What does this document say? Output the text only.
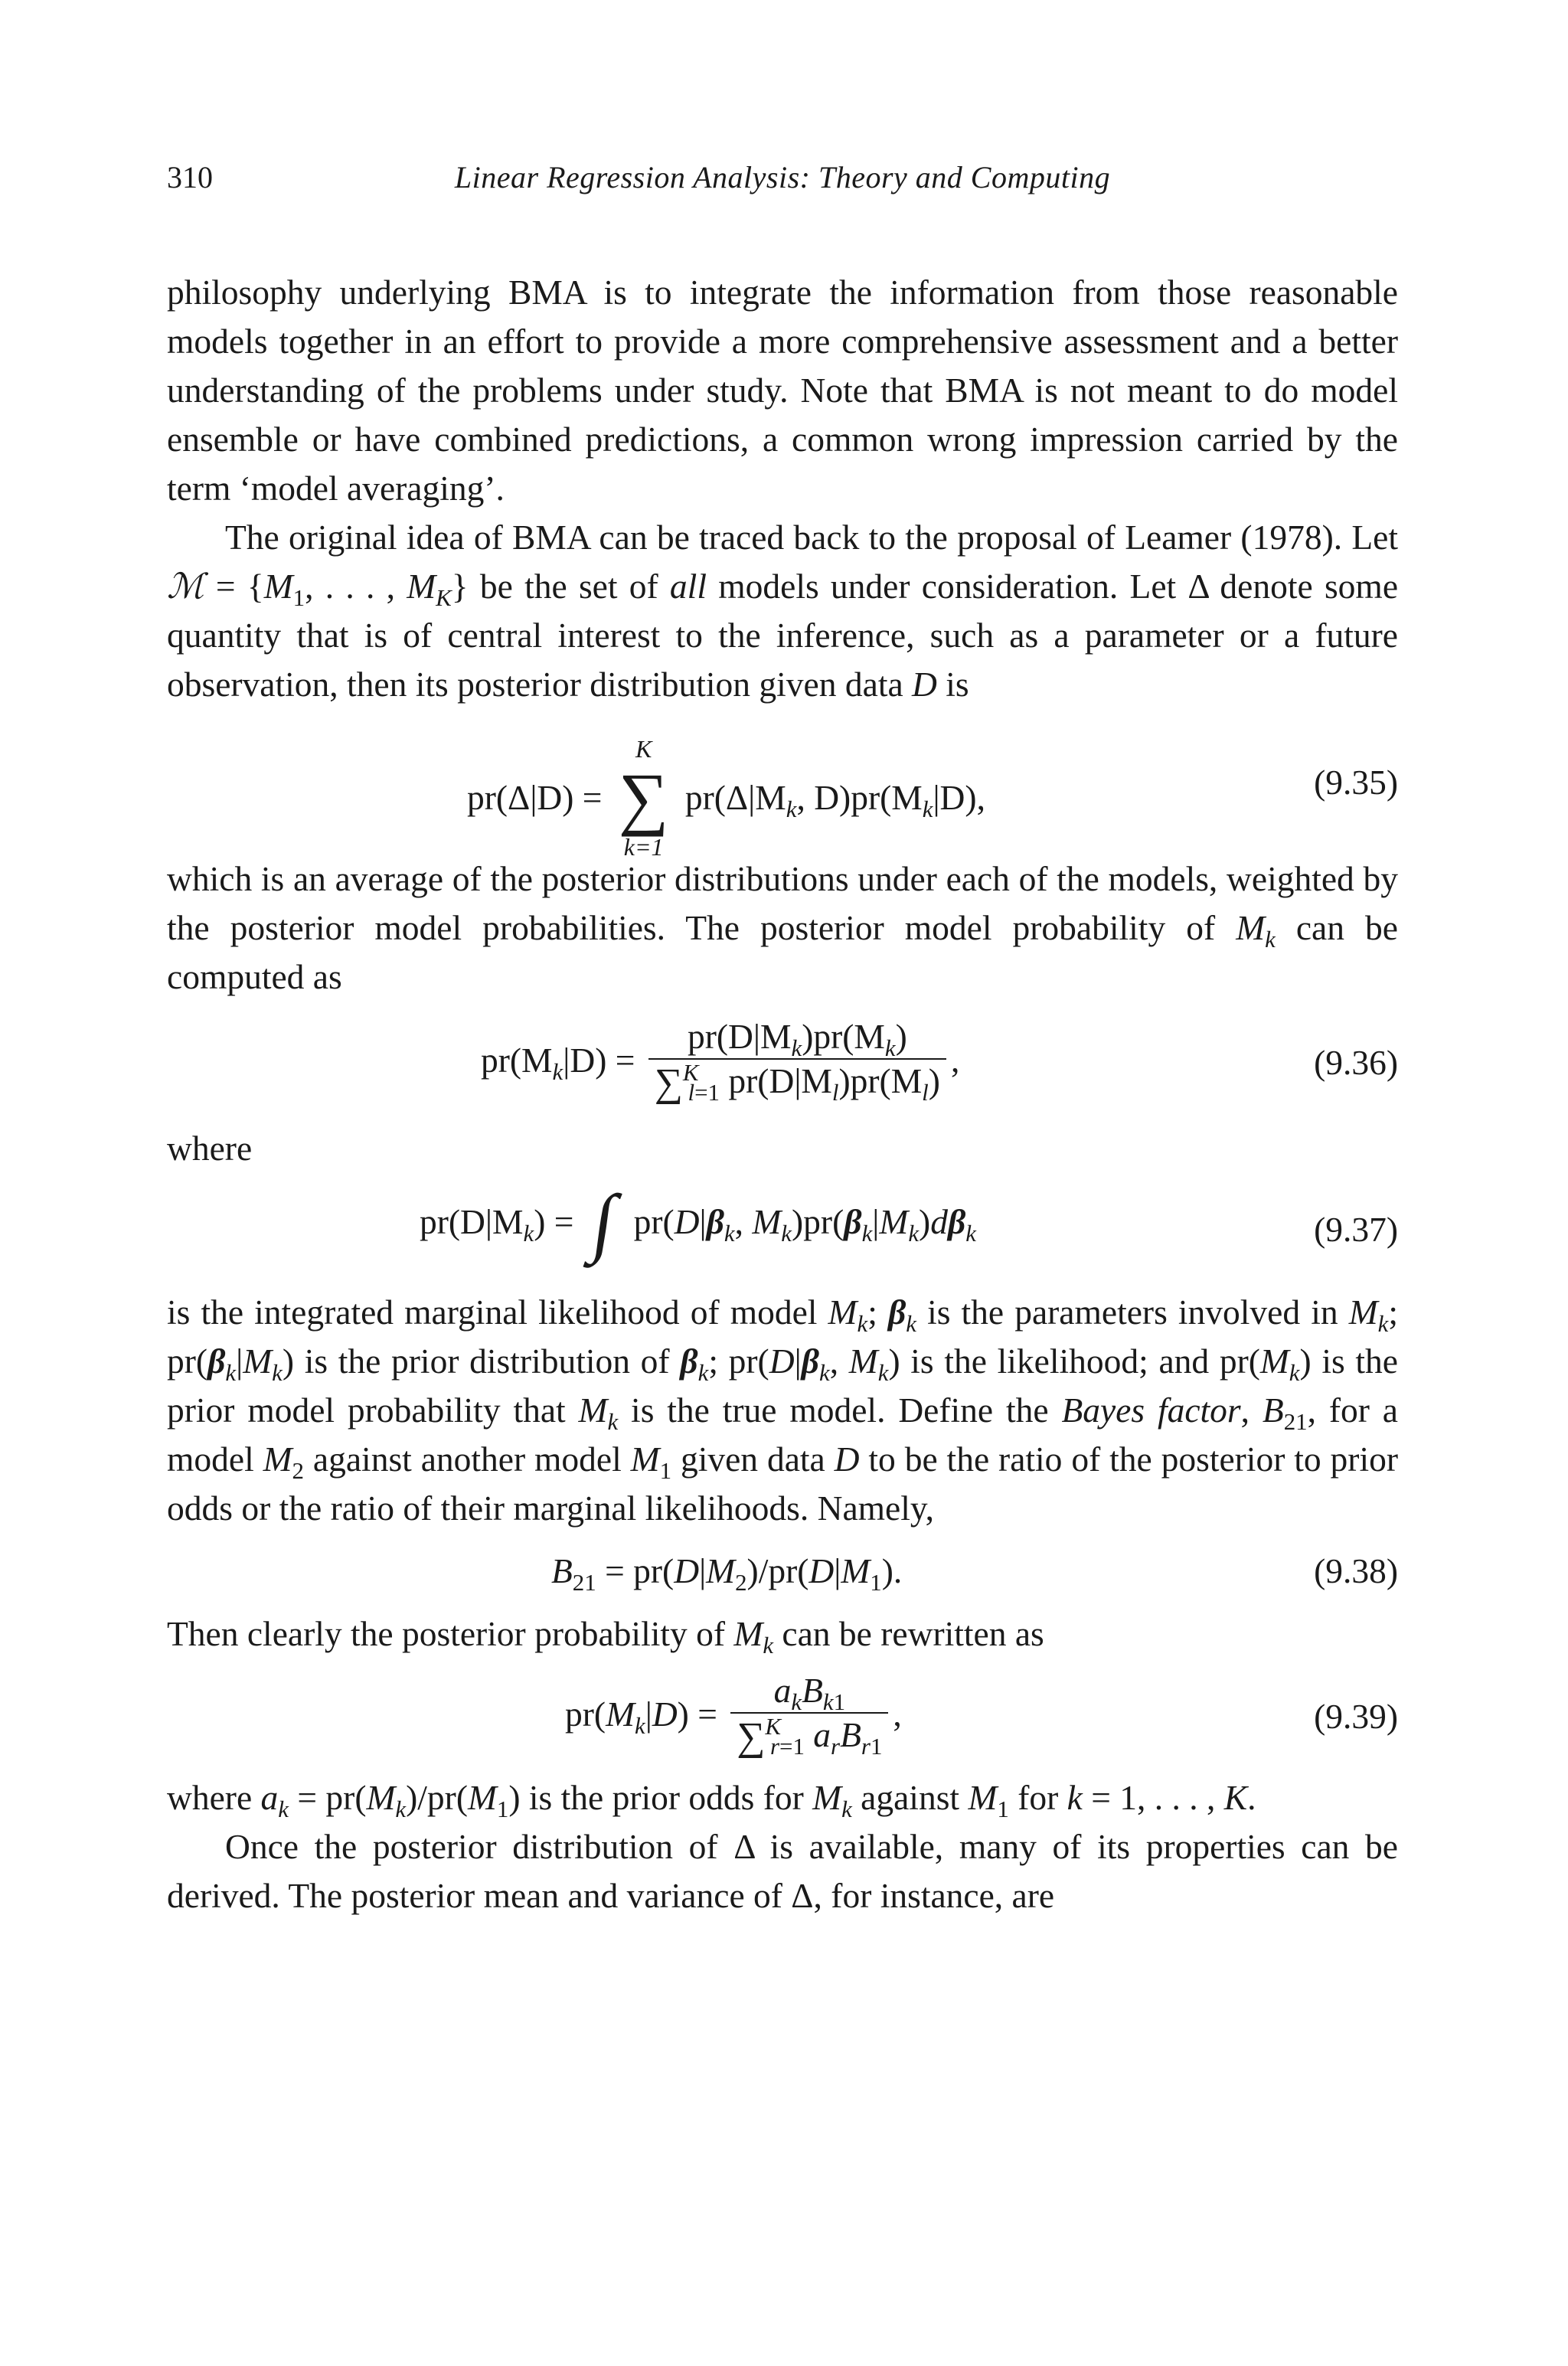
310	Linear Regression Analysis: Theory and Computing

philosophy underlying BMA is to integrate the information from those reasonable models together in an effort to provide a more comprehensive assessment and a better understanding of the problems under study. Note that BMA is not meant to do model ensemble or have combined predictions, a common wrong impression carried by the term ‘model averaging’.

The original idea of BMA can be traced back to the proposal of Leamer (1978). Let ℳ = {$M_1$, . . . , $M_K$} be the set of all models under consideration. Let Δ denote some quantity that is of central interest to the inference, such as a parameter or a future observation, then its posterior distribution given data D is

pr(Δ|D) =
K
∑
k=1
$pr(\Delta|M_k$, $D)pr(M_k|D)$,	(9.35)

which is an average of the posterior distributions under each of the models, weighted by the posterior model probabilities. The posterior model probability of $M_k$ can be computed as

$pr(M_k|D) = \frac{pr(D|M_k)pr(M_k)}{\sum^K_{l=1} pr(D|M_l)pr(M_l)}$ ,	(9.36)

where

$pr(D|M_k)$ = ∫ $pr(D|\beta_k$, $M_k)pr(\beta_k|M_k)d\beta_k$	(9.37)

is the integrated marginal likelihood of model $M_k$; $\beta_k$ is the parameters involved in $M_k$; $pr(\beta_k|M_k)$ is the prior distribution of $\beta_k$; $pr(D|\beta_k$, $M_k$) is the likelihood; and $pr(M_k)$ is the prior model probability that $M_k$ is the true model. Define the Bayes factor, $B_{21}$, for a model $M_2$ against another model $M_1$ given data D to be the ratio of the posterior to prior odds or the ratio of their marginal likelihoods. Namely,

$B_{21} = pr(D|M_2)/pr(D|M_1)$.	(9.38)

Then clearly the posterior probability of $M_k$ can be rewritten as

$pr(M_k|D) = \frac{a_kB_{k1}}{\sum^K_{r=1} a_rB_{r1}}$ ,	(9.39)

where $a_k = pr(M_k)/pr(M_1)$ is the prior odds for $M_k$ against $M_1$ for k = 1, . . . , K.

Once the posterior distribution of Δ is available, many of its properties can be derived. The posterior mean and variance of Δ, for instance, are
